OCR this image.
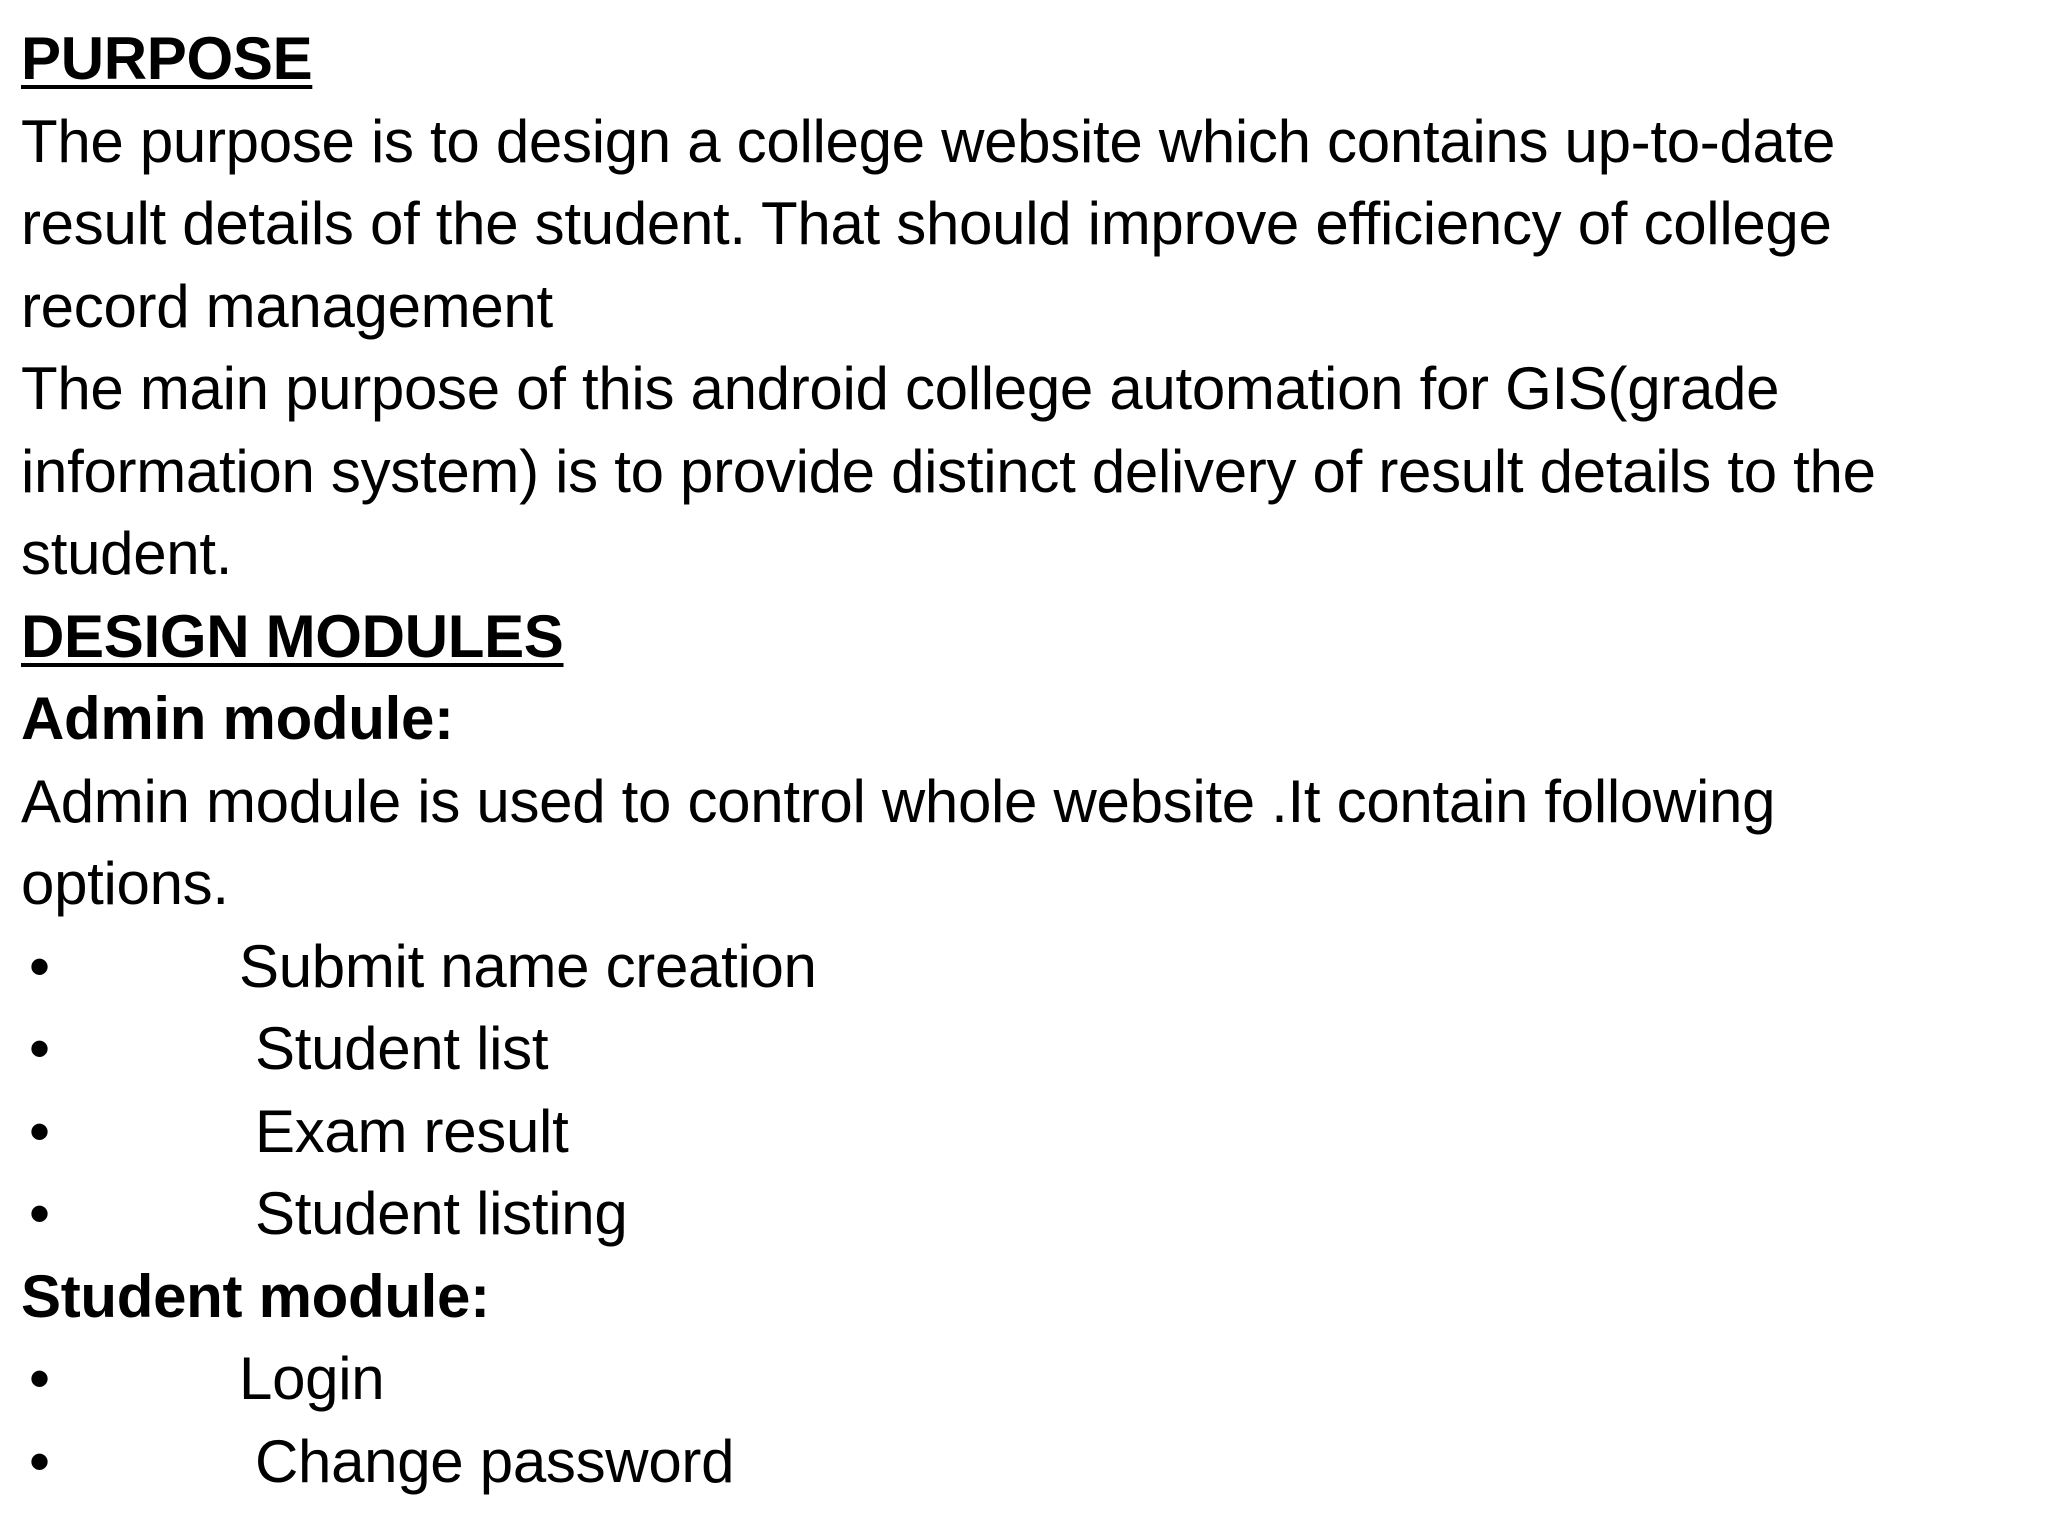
PURPOSE
The purpose is to design a college website which contains up-to-date
result details of the student. That should improve efficiency of college
record management
The main purpose of this android college automation for GIS(grade
information system) is to provide distinct delivery of result details to the
student.
DESIGN MODULES
Admin module:
Admin module is used to control whole website .It contain following
options.
•	Submit name creation
•	Student list
•	Exam result
•	Student listing
Student module:
•	Login
•	Change password
